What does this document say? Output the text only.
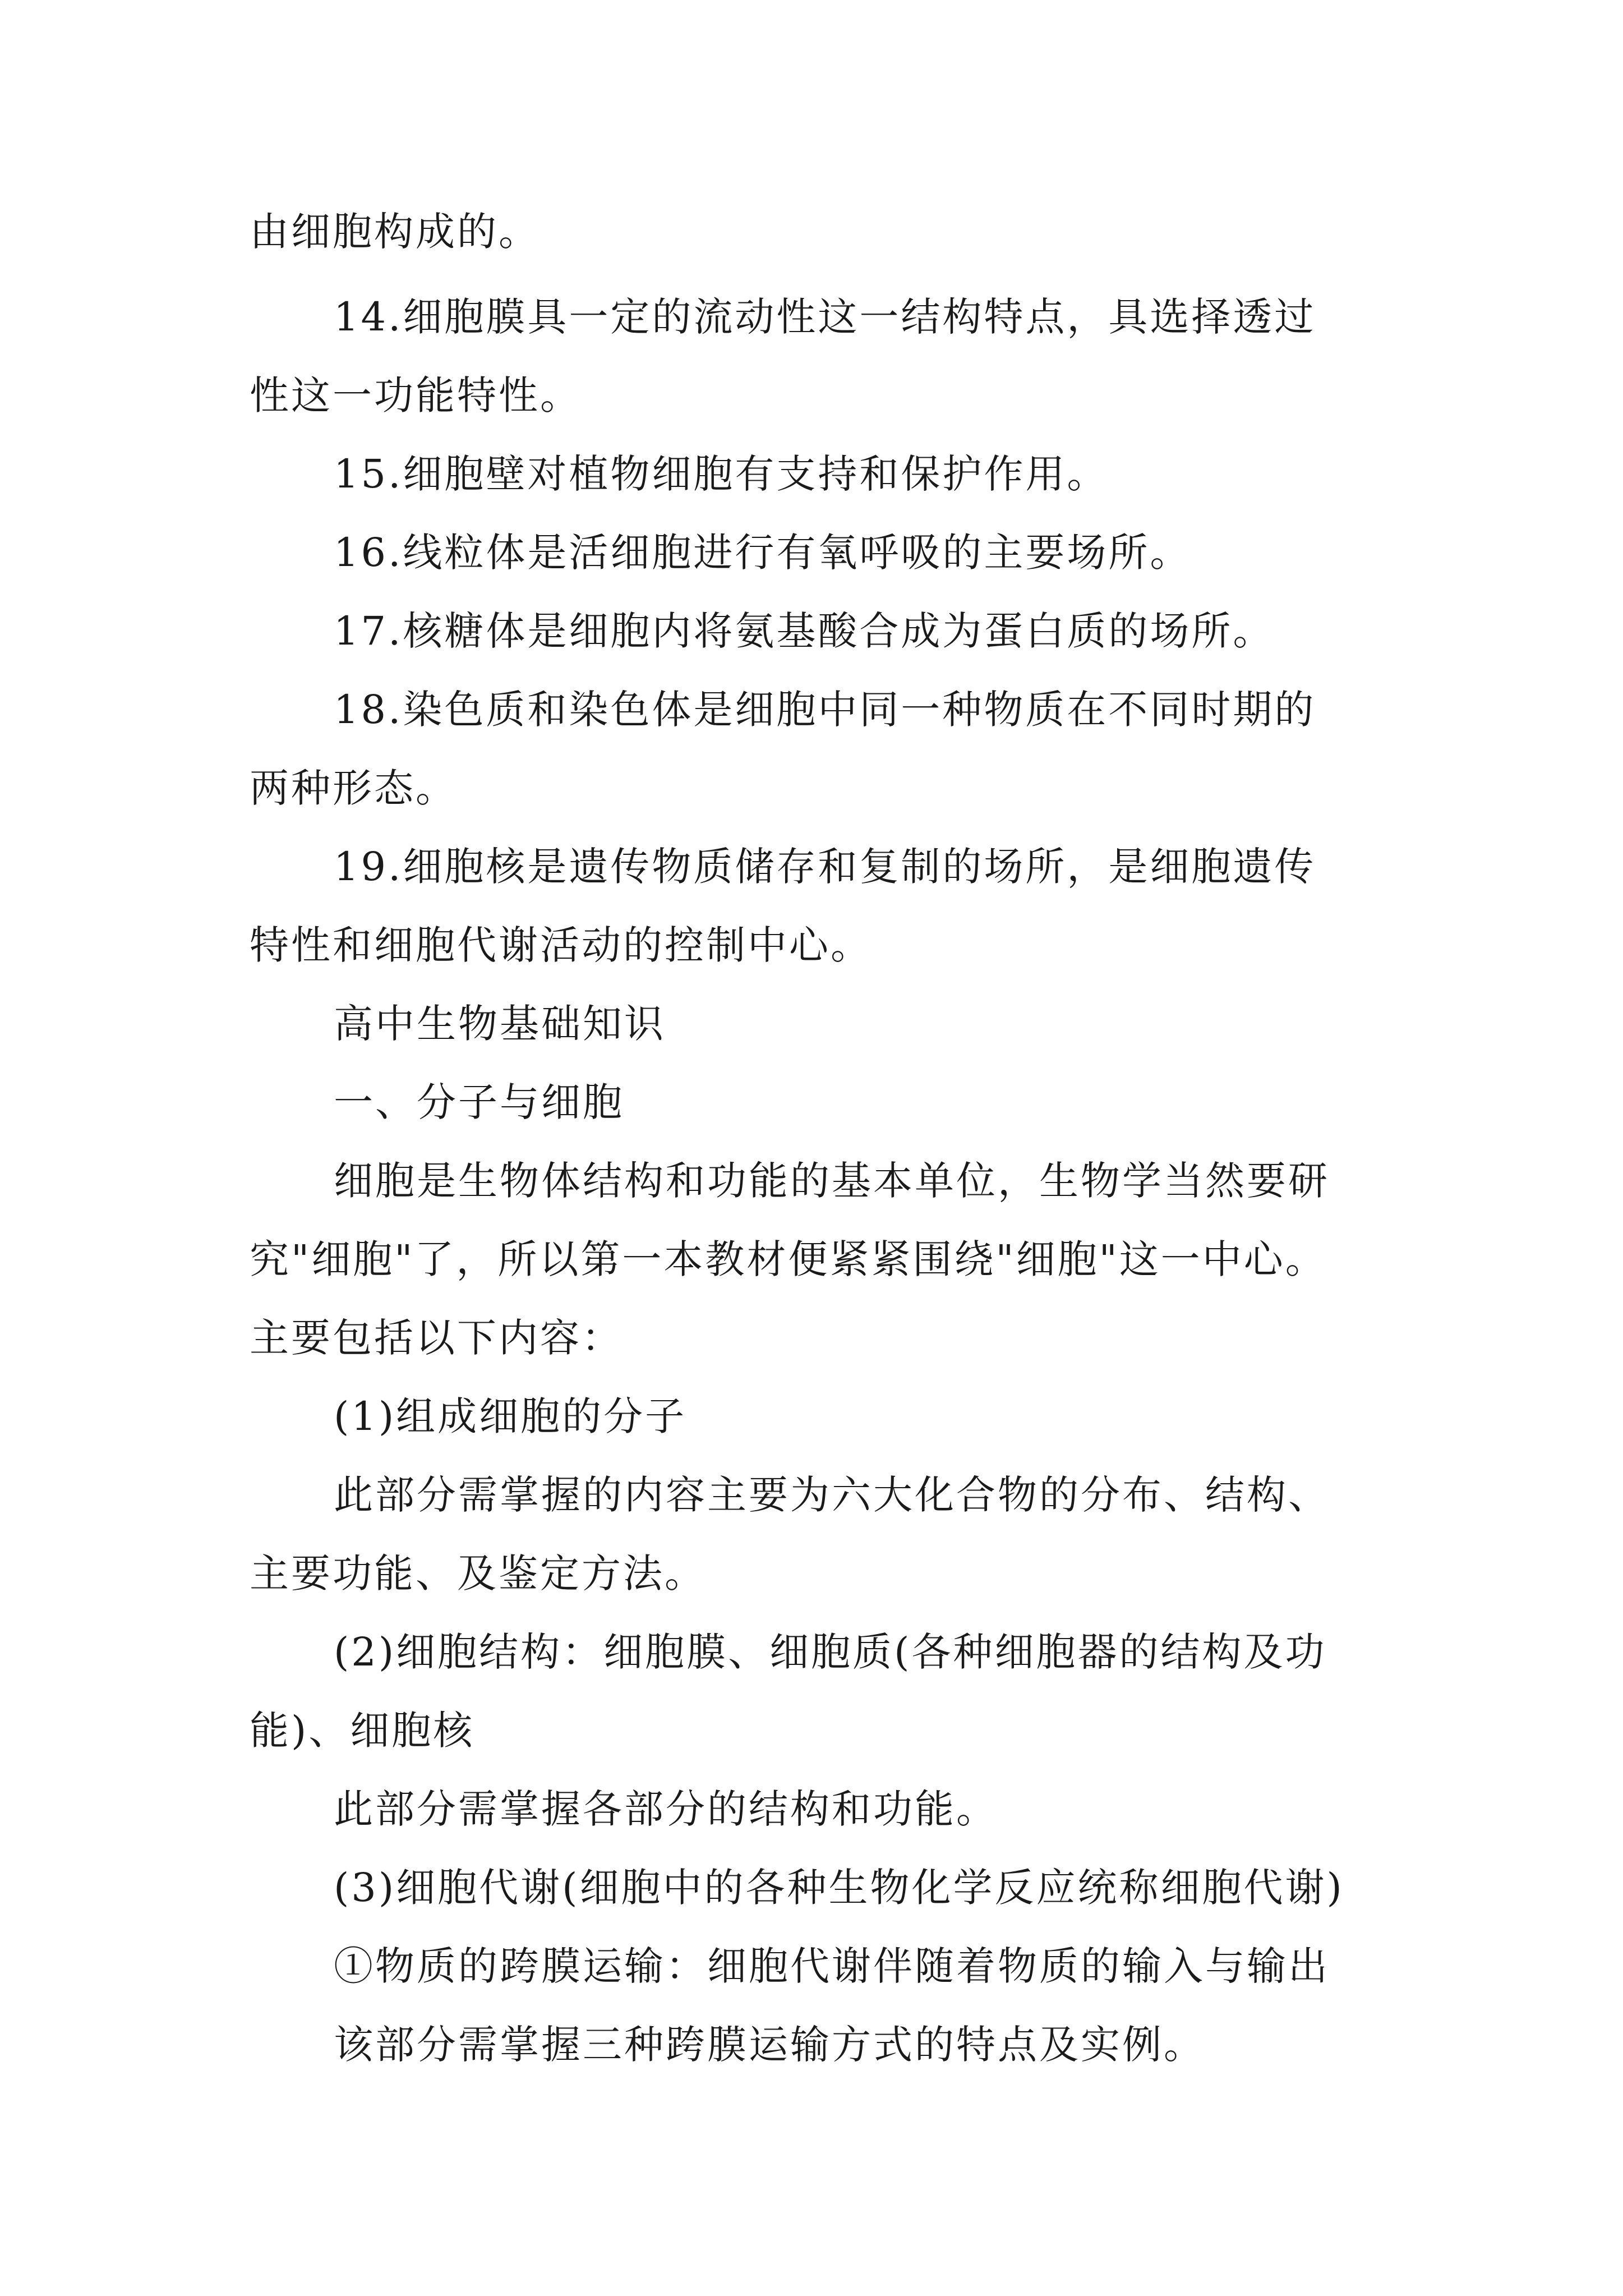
由细胞构成的。

14.细胞膜具一定的流动性这一结构特点，具选择透过

性这一功能特性。

15.细胞壁对植物细胞有支持和保护作用。

16.线粒体是活细胞进行有氧呼吸的主要场所。

17.核糖体是细胞内将氨基酸合成为蛋白质的场所。

18.染色质和染色体是细胞中同一种物质在不同时期的

两种形态。

19.细胞核是遗传物质储存和复制的场所，是细胞遗传

特性和细胞代谢活动的控制中心。

高中生物基础知识

一、分子与细胞

细胞是生物体结构和功能的基本单位，生物学当然要研

究"细胞"了，所以第一本教材便紧紧围绕"细胞"这一中心。

主要包括以下内容：

(1)组成细胞的分子

此部分需掌握的内容主要为六大化合物的分布、结构、

主要功能、及鉴定方法。

(2)细胞结构：细胞膜、细胞质(各种细胞器的结构及功

能)、细胞核

此部分需掌握各部分的结构和功能。

(3)细胞代谢(细胞中的各种生物化学反应统称细胞代谢)

①物质的跨膜运输：细胞代谢伴随着物质的输入与输出

该部分需掌握三种跨膜运输方式的特点及实例。
